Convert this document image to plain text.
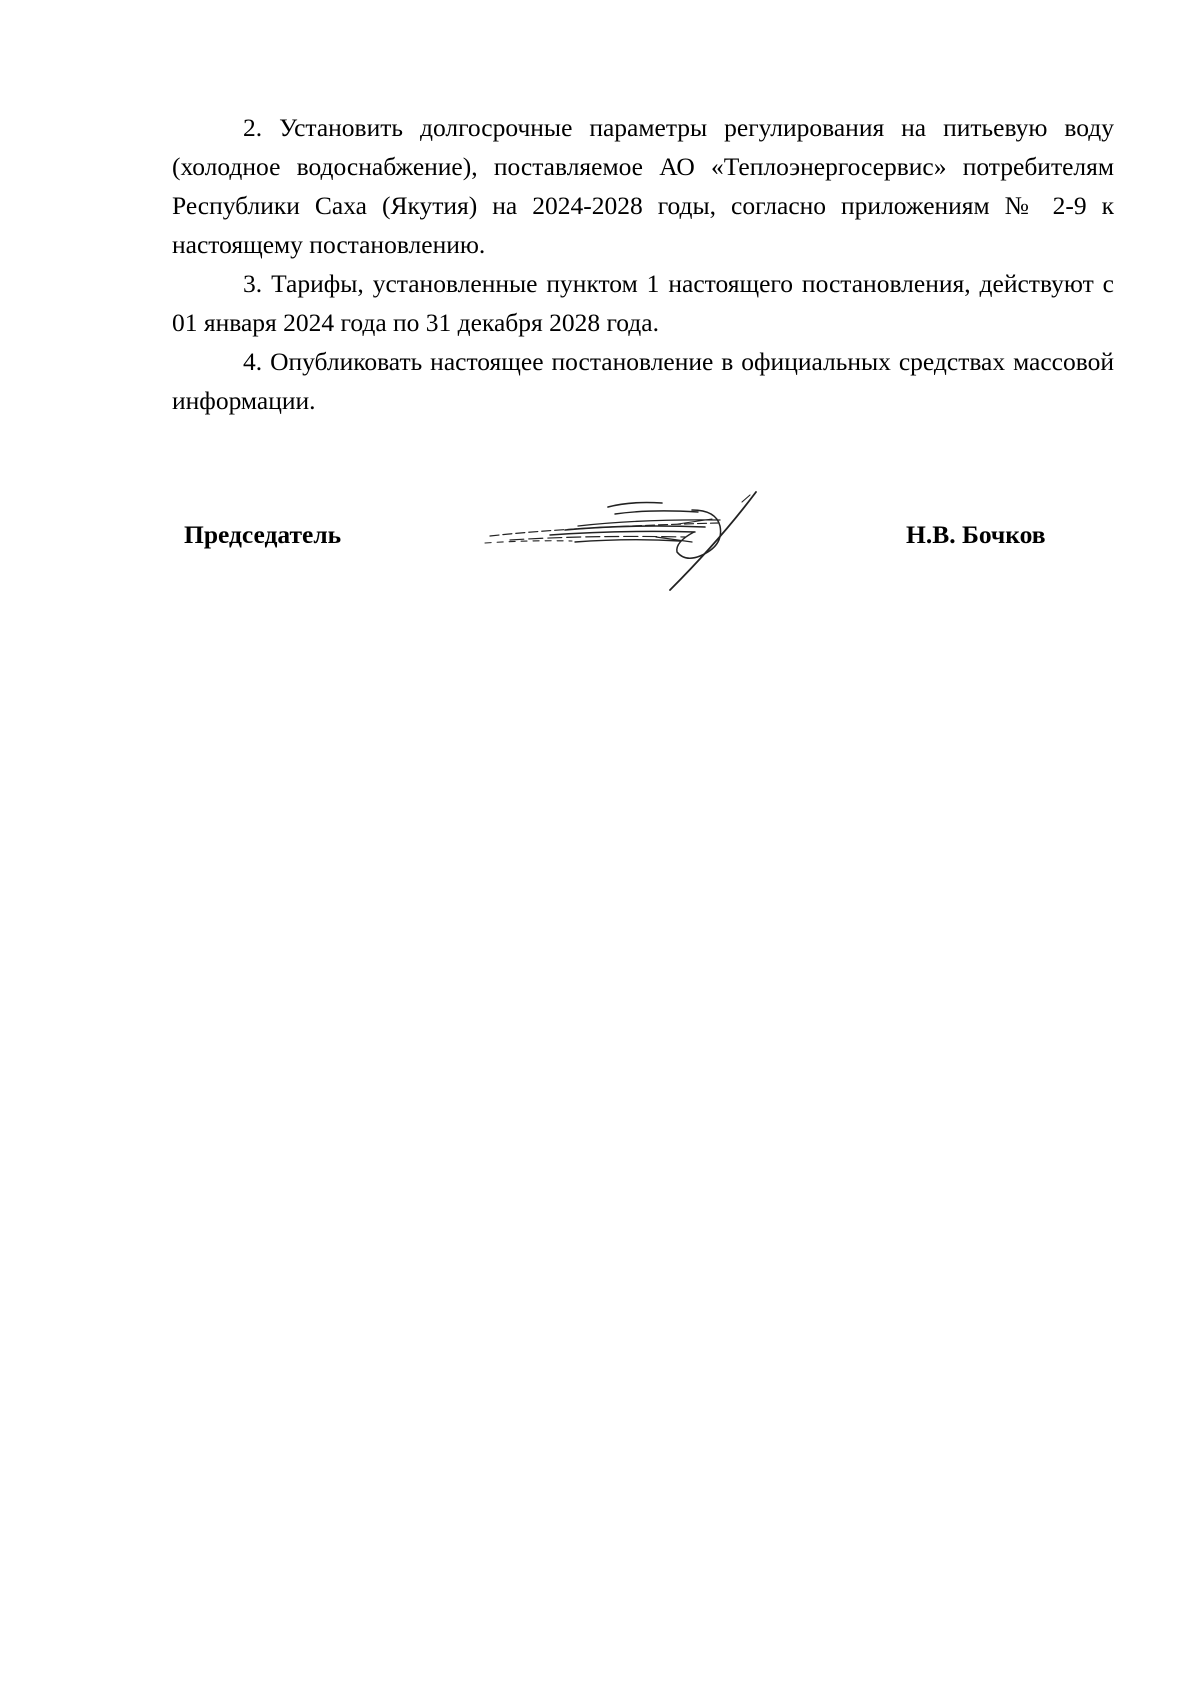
2. Установить долгосрочные параметры регулирования на питьевую воду (холодное водоснабжение), поставляемое АО «Теплоэнергосервис» потребителям Республики Саха (Якутия) на 2024-2028 годы, согласно приложениям № 2-9 к настоящему постановлению.

3. Тарифы, установленные пунктом 1 настоящего постановления, действуют с 01 января 2024 года по 31 декабря 2028 года.

4. Опубликовать настоящее постановление в официальных средствах массовой информации.

Председатель	Н.В. Бочков
